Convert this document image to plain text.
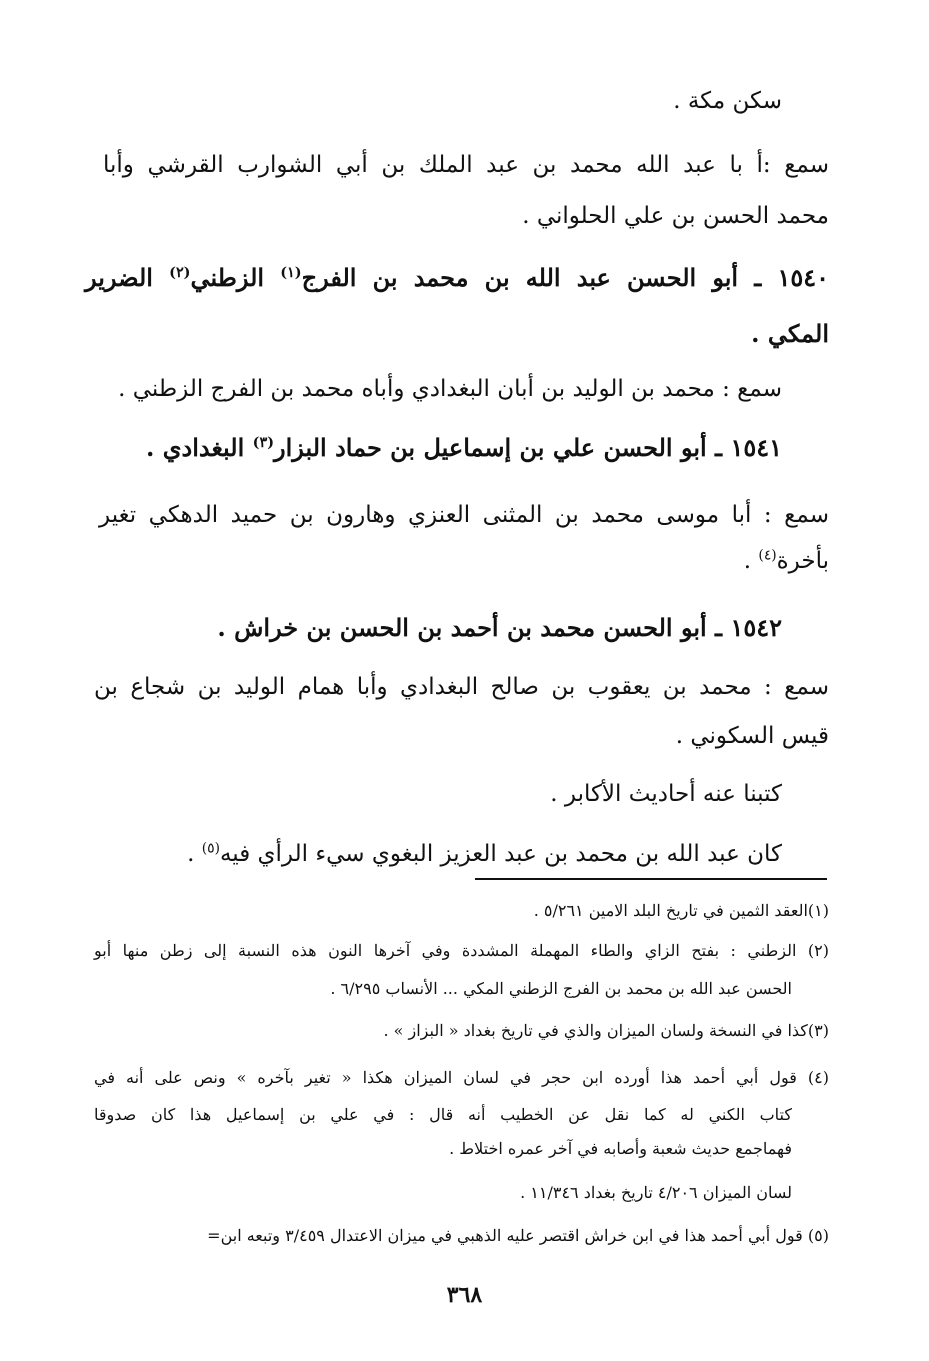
سكن مكة .

سمع :أ با عبد الله محمد بن عبد الملك بن أبي الشوارب القرشي وأبا

محمد الحسن بن علي الحلواني .

١٥٤٠ ـ أبو الحسن عبد الله بن محمد بن الفرج$^{(١)}$ الزطني$^{(٢)}$ الضرير

المكي .

سمع : محمد بن الوليد بن أبان البغدادي وأباه محمد بن الفرج الزطني .

١٥٤١ ـ أبو الحسن علي بن إسماعيل بن حماد البزار$^{(٣)}$ البغدادي .

سمع : أبا موسى محمد بن المثنى العنزي وهارون بن حميد الدهكي تغير

بأخرة$^{(٤)}$ .

١٥٤٢ ـ أبو الحسن محمد بن أحمد بن الحسن بن خراش .

سمع : محمد بن يعقوب بن صالح البغدادي وأبا همام الوليد بن شجاع بن

قيس السكوني .

كتبنا عنه أحاديث الأكابر .

كان عبد الله بن محمد بن عبد العزيز البغوي سيء الرأي فيه$^{(٥)}$ .

(١)العقد الثمين في تاريخ البلد الامين ٥/٢٦١ .

(٢) الزطني : بفتح الزاي والطاء المهملة المشددة وفي آخرها النون هذه النسبة إلى زطن منها أبو

الحسن عبد الله بن محمد بن الفرج الزطني المكي ... الأنساب ٦/٢٩٥ .

(٣)كذا في النسخة ولسان الميزان والذي في تاريخ بغداد « البزاز » .

(٤) قول أبي أحمد هذا أورده ابن حجر في لسان الميزان هكذا « تغير بآخره » ونص على أنه في

كتاب الكني له كما نقل عن الخطيب أنه قال : في علي بن إسماعيل هذا كان صدوقا

فهماجمع حديث شعبة وأصابه في آخر عمره اختلاط .

لسان الميزان ٤/٢٠٦ تاريخ بغداد ١١/٣٤٦ .

(٥) قول أبي أحمد هذا في ابن خراش اقتصر عليه الذهبي في ميزان الاعتدال ٣/٤٥٩ وتبعه ابن=

٣٦٨
